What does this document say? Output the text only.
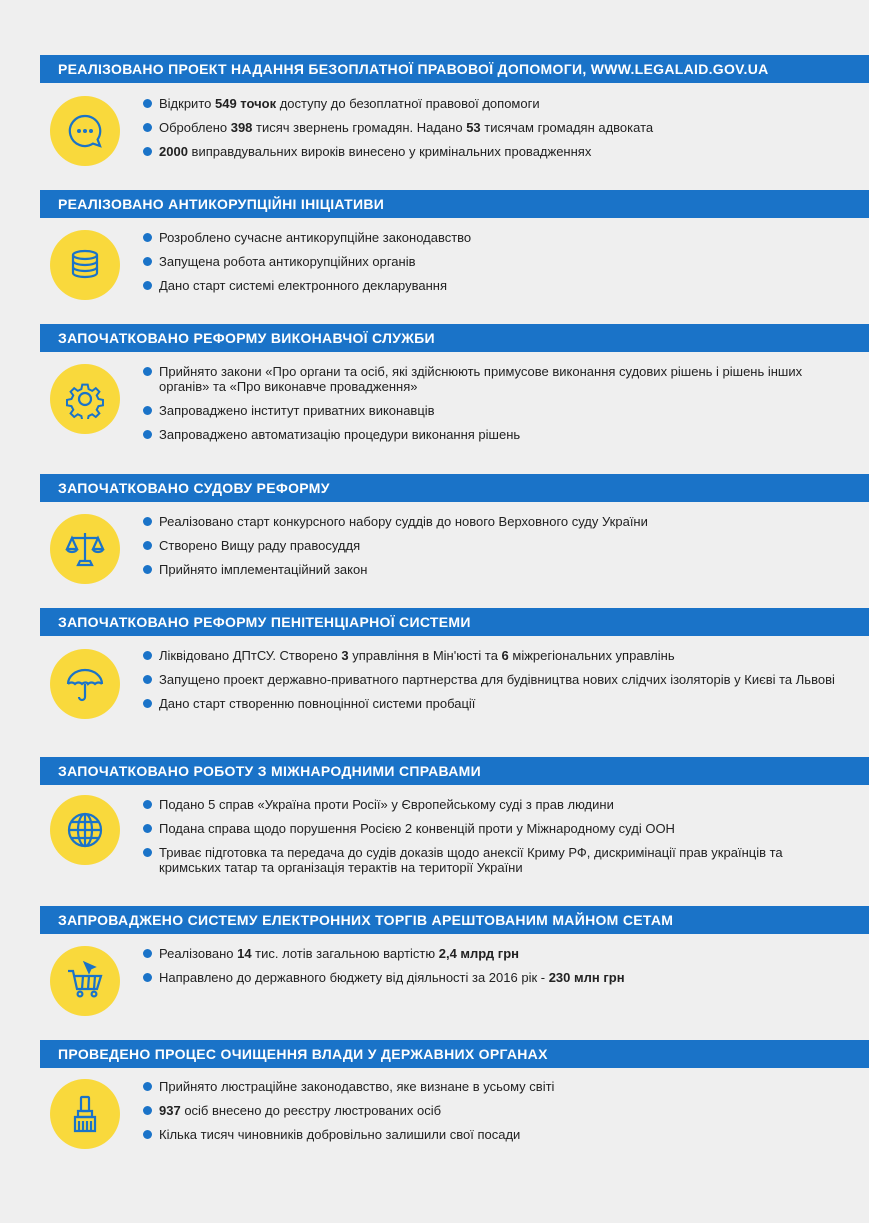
РЕАЛІЗОВАНО ПРОЕКТ НАДАННЯ БЕЗОПЛАТНОЇ ПРАВОВОЇ ДОПОМОГИ, WWW.LEGALAID.GOV.UA
Відкрито 549 точок доступу до безоплатної правової допомоги
Оброблено 398 тисяч звернень громадян. Надано 53 тисячам громадян адвоката
2000 виправдувальних вироків винесено у кримінальних провадженнях
РЕАЛІЗОВАНО АНТИКОРУПЦІЙНІ ІНІЦІАТИВИ
Розроблено сучасне антикорупційне законодавство
Запущена робота антикорупційних органів
Дано старт системі електронного декларування
ЗАПОЧАТКОВАНО РЕФОРМУ ВИКОНАВЧОЇ СЛУЖБИ
Прийнято закони «Про органи та осіб, які здійснюють примусове виконання судових рішень і рішень інших органів» та «Про виконавче провадження»
Запроваджено інститут приватних виконавців
Запроваджено автоматизацію процедури виконання рішень
ЗАПОЧАТКОВАНО СУДОВУ РЕФОРМУ
Реалізовано старт конкурсного набору суддів до нового Верховного суду України
Створено Вищу раду правосуддя
Прийнято імплементаційний закон
ЗАПОЧАТКОВАНО РЕФОРМУ ПЕНІТЕНЦІАРНОЇ СИСТЕМИ
Ліквідовано ДПтСУ. Створено 3 управління в Мін'юсті та 6 міжрегіональних управлінь
Запущено проект державно-приватного партнерства для будівництва нових слідчих ізоляторів у Києві та Львові
Дано старт створенню повноцінної системи пробації
ЗАПОЧАТКОВАНО РОБОТУ З МІЖНАРОДНИМИ СПРАВАМИ
Подано 5 справ «Україна проти Росії» у Європейському суді з прав людини
Подана справа щодо порушення Росією 2 конвенцій проти у Міжнародному суді ООН
Триває підготовка та передача до судів доказів щодо анексії Криму РФ, дискримінації прав українців та кримських татар та організація терактів на території України
ЗАПРОВАДЖЕНО СИСТЕМУ ЕЛЕКТРОННИХ ТОРГІВ АРЕШТОВАНИМ МАЙНОМ СЕТАМ
Реалізовано 14 тис. лотів загальною вартістю 2,4 млрд грн
Направлено до державного бюджету від діяльності за 2016 рік - 230 млн грн
ПРОВЕДЕНО ПРОЦЕС ОЧИЩЕННЯ ВЛАДИ У ДЕРЖАВНИХ ОРГАНАХ
Прийнято люстраційне законодавство, яке визнане в усьому світі
937 осіб внесено до реєстру люстрованих осіб
Кілька тисяч чиновників добровільно залишили свої посади
